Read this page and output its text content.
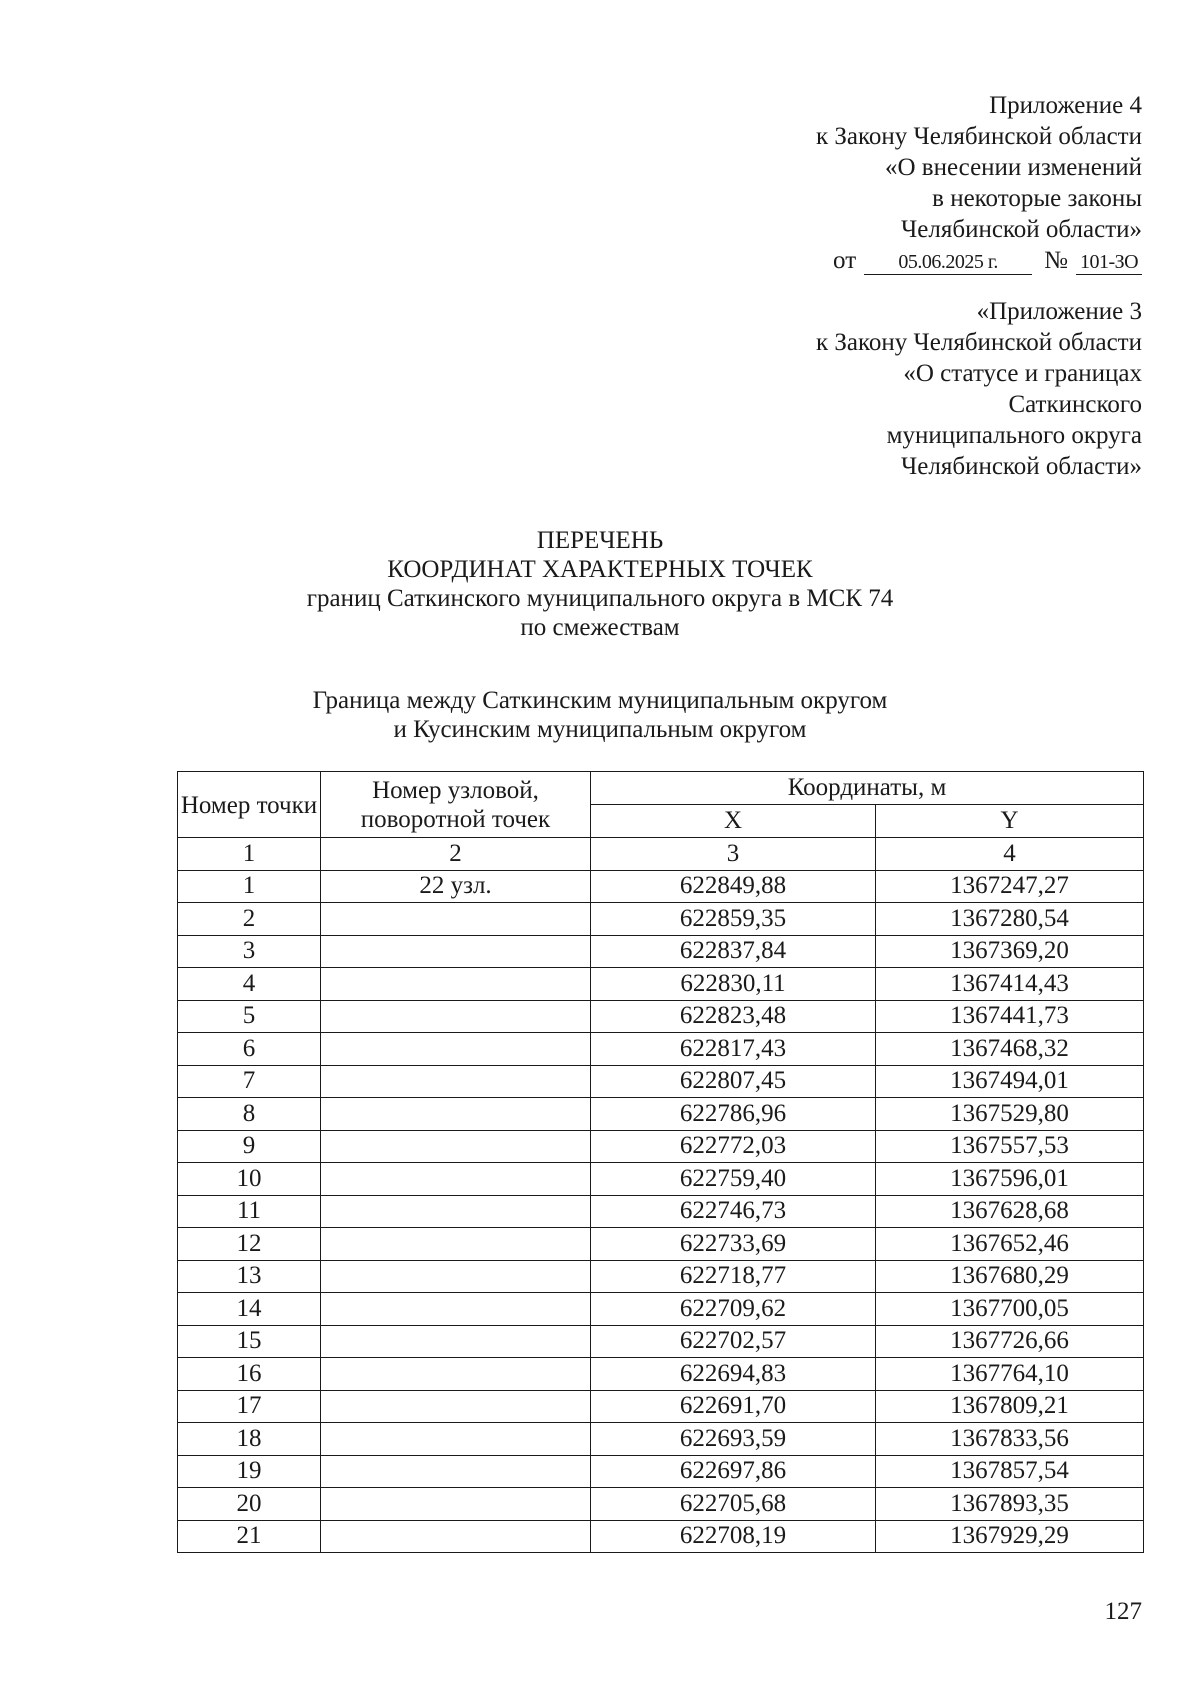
Приложение 4
к Закону Челябинской области
«О внесении изменений
в некоторые законы
Челябинской области»
от	05.06.2025 г.	№ 101-ЗО
«Приложение 3
к Закону Челябинской области
«О статусе и границах
Саткинского
муниципального округа
Челябинской области»
ПЕРЕЧЕНЬ
КООРДИНАТ ХАРАКТЕРНЫХ ТОЧЕК
границ Саткинского муниципального округа в МСК 74
по смежествам
Граница между Саткинским муниципальным округом
и Кусинским муниципальным округом
Номер точки	Номер узловой, поворотной точек	Координаты, м	
		X	Y
1	2	3	4
1	22 узл.	622849,88	1367247,27
2		622859,35	1367280,54
3		622837,84	1367369,20
4		622830,11	1367414,43
5		622823,48	1367441,73
6		622817,43	1367468,32
7		622807,45	1367494,01
8		622786,96	1367529,80
9		622772,03	1367557,53
10		622759,40	1367596,01
11		622746,73	1367628,68
12		622733,69	1367652,46
13		622718,77	1367680,29
14		622709,62	1367700,05
15		622702,57	1367726,66
16		622694,83	1367764,10
17		622691,70	1367809,21
18		622693,59	1367833,56
19		622697,86	1367857,54
20		622705,68	1367893,35
21		622708,19	1367929,29
127
